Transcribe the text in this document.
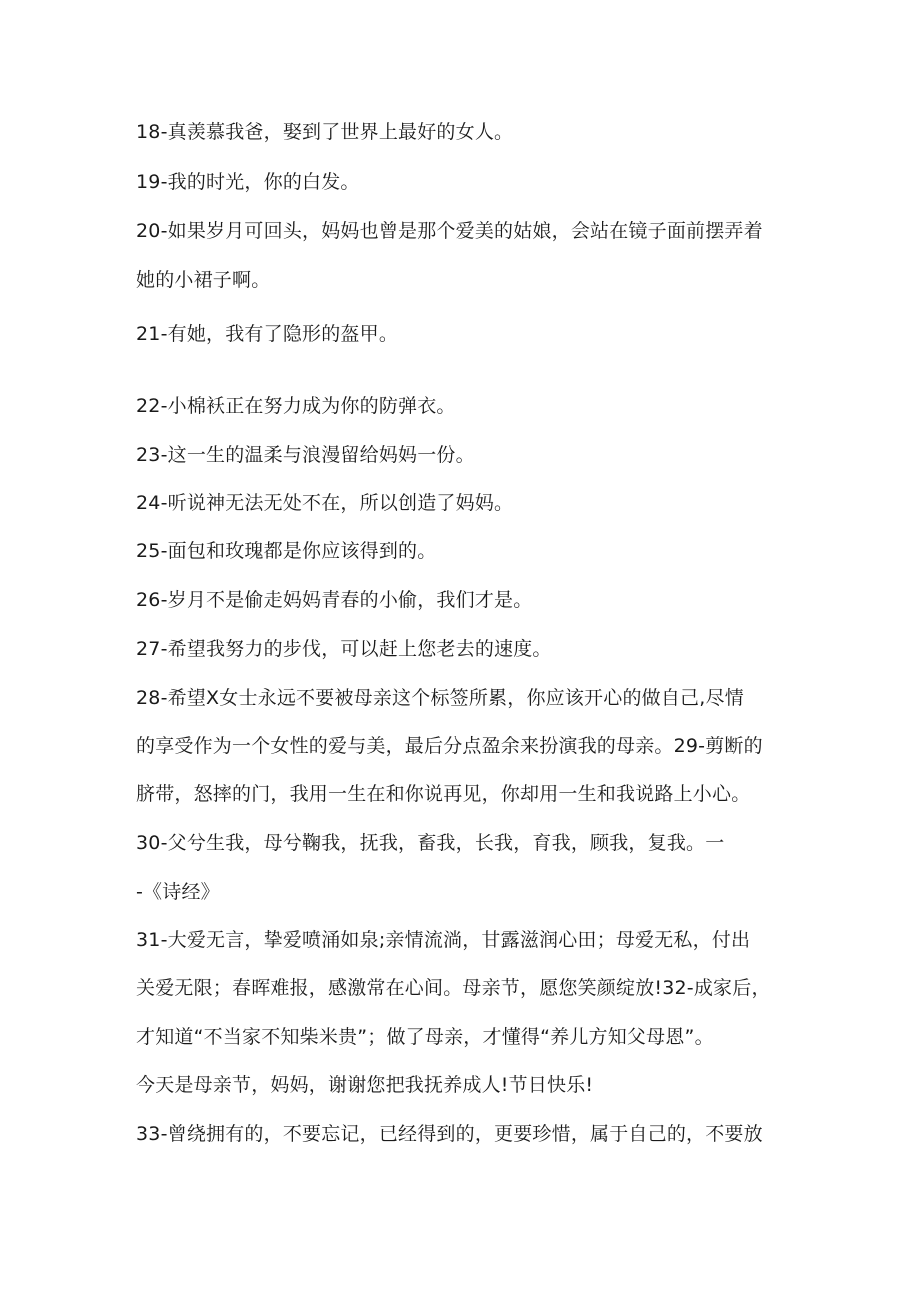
18-真羡慕我爸，娶到了世界上最好的女人。
19-我的时光，你的白发。
20-如果岁月可回头，妈妈也曾是那个爱美的姑娘，会站在镜子面前摆弄着
她的小裙子啊。
21-有她，我有了隐形的盔甲。
22-小棉袄正在努力成为你的防弹衣。
23-这一生的温柔与浪漫留给妈妈一份。
24-听说神无法无处不在，所以创造了妈妈。
25-面包和玫瑰都是你应该得到的。
26-岁月不是偷走妈妈青春的小偷，我们才是。
27-希望我努力的步伐，可以赶上您老去的速度。
28-希望X女士永远不要被母亲这个标签所累，你应该开心的做自己,尽情
的享受作为一个女性的爱与美，最后分点盈余来扮演我的母亲。29-剪断的
脐带，怒摔的门，我用一生在和你说再见，你却用一生和我说路上小心。
30-父兮生我，母兮鞠我，抚我，畜我，长我，育我，顾我，复我。一
-《诗经》
31-大爱无言，挚爱喷涌如泉;亲情流淌，甘露滋润心田；母爱无私，付出
关爱无限；春晖难报，感激常在心间。母亲节，愿您笑颜绽放!32-成家后，
才知道“不当家不知柴米贵”；做了母亲，才懂得“养儿方知父母恩”。
今天是母亲节，妈妈，谢谢您把我抚养成人!节日快乐!
33-曾绕拥有的，不要忘记，已经得到的，更要珍惜，属于自己的，不要放
